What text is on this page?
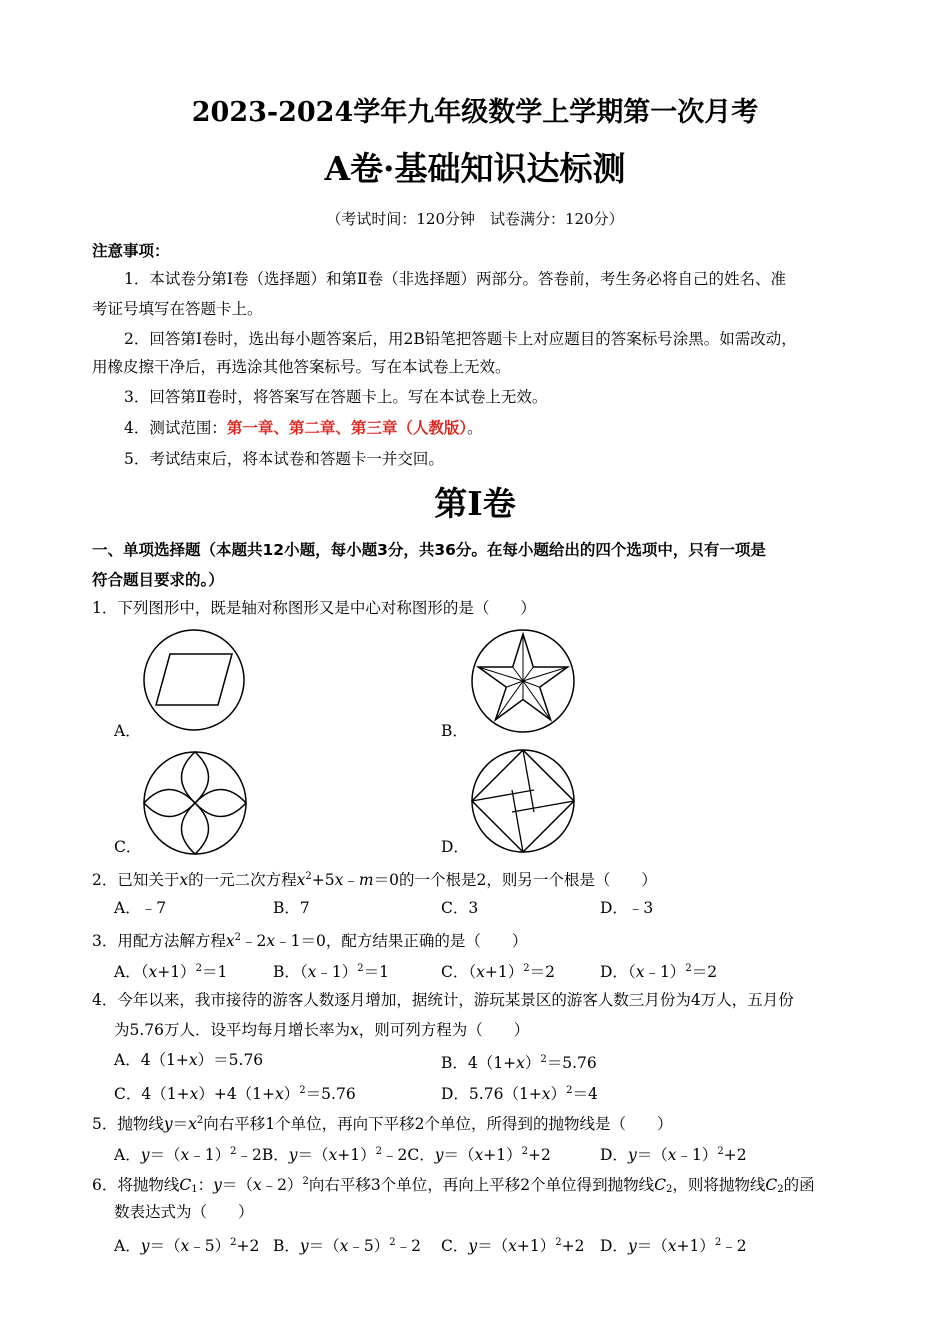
2023-2024学年九年级数学上学期第一次月考
A卷·基础知识达标测
（考试时间：120分钟　试卷满分：120分）
注意事项：
1．本试卷分第Ⅰ卷（选择题）和第Ⅱ卷（非选择题）两部分。答卷前，考生务必将自己的姓名、准
考证号填写在答题卡上。
2．回答第Ⅰ卷时，选出每小题答案后，用2B铅笔把答题卡上对应题目的答案标号涂黑。如需改动，
用橡皮擦干净后，再选涂其他答案标号。写在本试卷上无效。
3．回答第Ⅱ卷时，将答案写在答题卡上。写在本试卷上无效。
4．测试范围：第一章、第二章、第三章（人教版）。
5．考试结束后，将本试卷和答题卡一并交回。
第Ⅰ卷
一、单项选择题（本题共12小题，每小题3分，共36分。在每小题给出的四个选项中，只有一项是
符合题目要求的。）
1．下列图形中，既是轴对称图形又是中心对称图形的是（　　）
A．	B．
C．	D．
2．已知关于x的一元二次方程$x^2+5x﹣m=0$的一个根是2，则另一个根是（　　）
A．﹣7	B．7	C．3	D．﹣3
3．用配方法解方程$x^2﹣2x﹣1=0$，配方结果正确的是（　　）
A．$(x+1)^2=1$	B．（x﹣1）$^2$＝1	C．$(x+1)^2=2$	D．（x﹣1）$^2$＝2
4．今年以来，我市接待的游客人数逐月增加，据统计，游玩某景区的游客人数三月份为4万人，五月份
为5.76万人．设平均每月增长率为x，则可列方程为（　　）
A．4（1+x）＝5.76	B．$4(1+x)^2=5.76$
C．$4(1+x)+4(1+x)^2=5.76$	D．$5.76(1+x)^2=4$
5．抛物线$y=x^2$向右平移1个单位，再向下平移2个单位，所得到的抛物线是（　　）
A．y＝（x﹣1）$^2$﹣2B．$y=(x+1)^2﹣2C$．$y=(x+1)^2+2$	D．y＝（x﹣1）$^2$+2
6．将抛物线$C_1$：y＝（x﹣2）$^2$向右平移3个单位，再向上平移2个单位得到抛物线$C_2$，则将抛物线$C_2$的函
数表达式为（　　）
A．y＝（x﹣5）$^2$+2 B．y＝（x﹣5）$^2$﹣2 C．$y=(x+1)^2+2$ D．$y=(x+1)^2﹣2$
